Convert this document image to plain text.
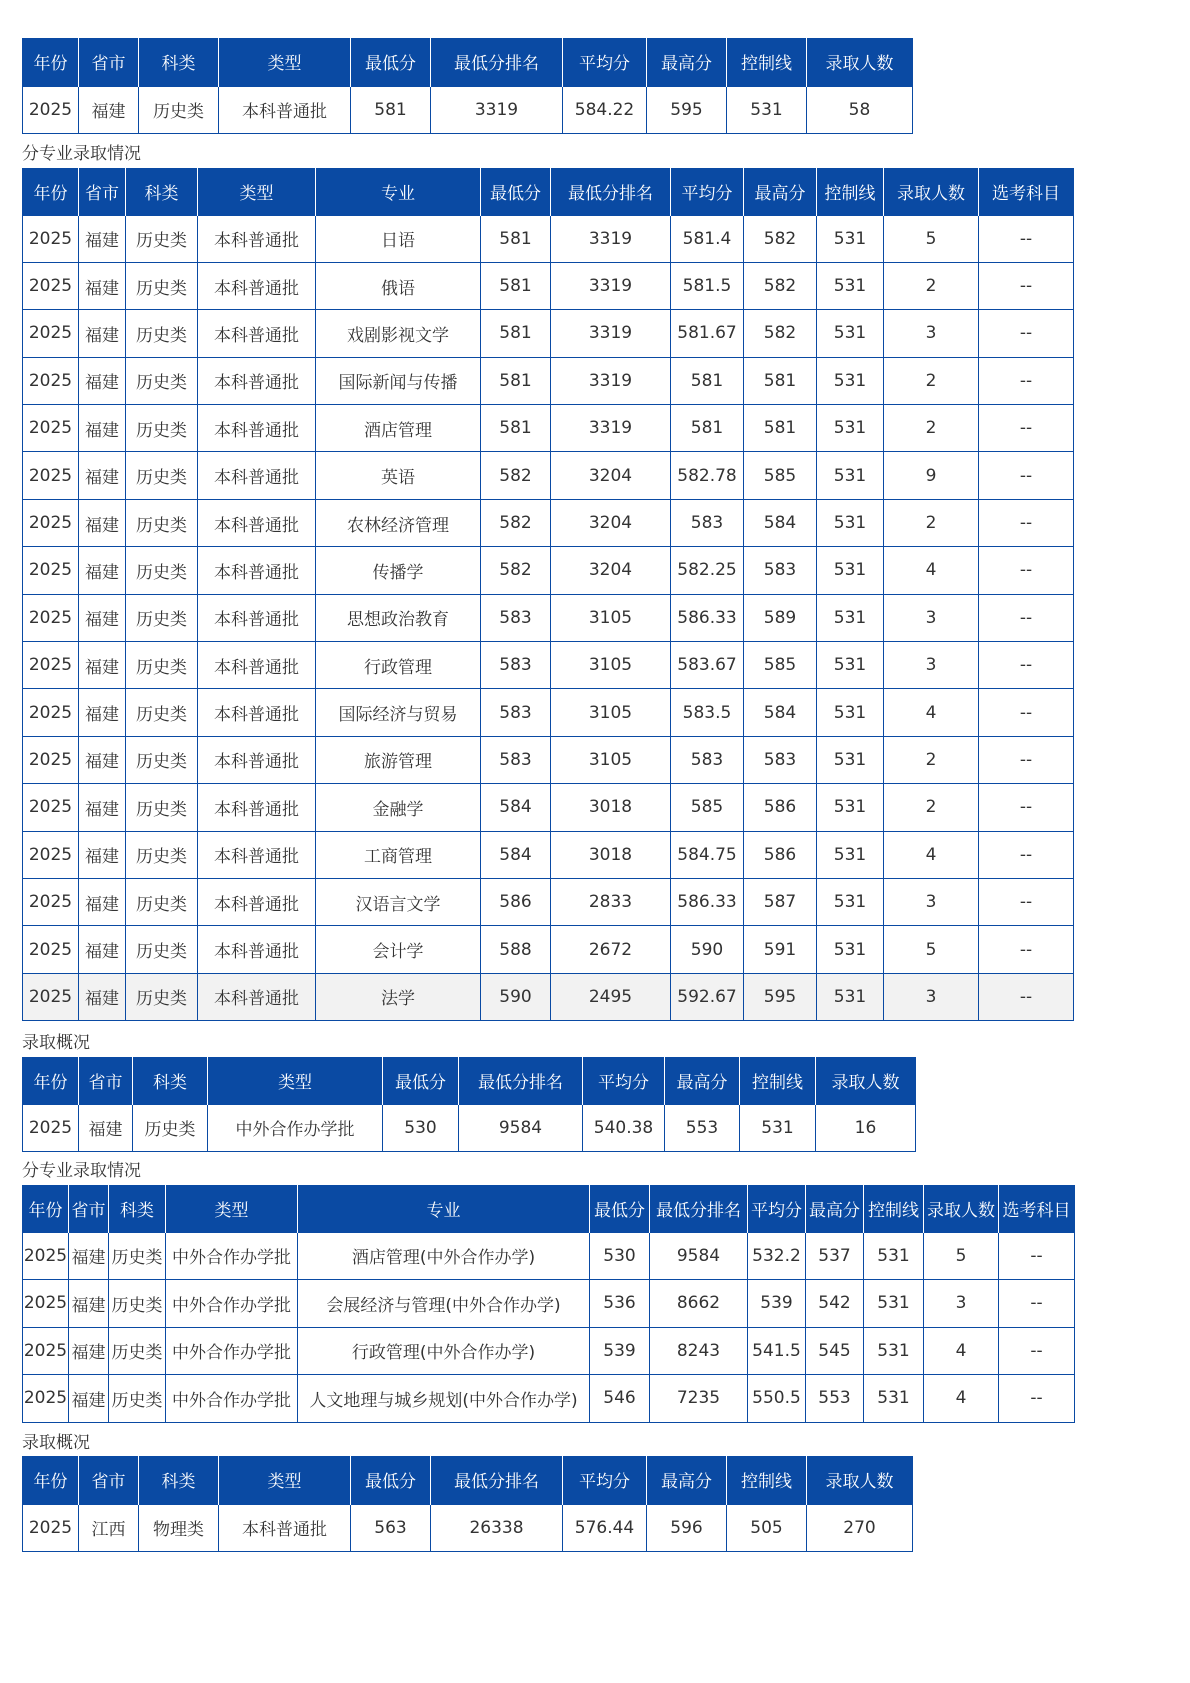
年份	省市	科类	类型	最低分	最低分排名	平均分	最高分	控制线	录取人数
2025	福建	历史类	本科普通批	581	3319	584.22	595	531	58
分专业录取情况
年份	省市	科类	类型	专业	最低分	最低分排名	平均分	最高分	控制线	录取人数	选考科目
2025	福建	历史类	本科普通批	日语	581	3319	581.4	582	531	5	--
2025	福建	历史类	本科普通批	俄语	581	3319	581.5	582	531	2	--
2025	福建	历史类	本科普通批	戏剧影视文学	581	3319	581.67	582	531	3	--
2025	福建	历史类	本科普通批	国际新闻与传播	581	3319	581	581	531	2	--
2025	福建	历史类	本科普通批	酒店管理	581	3319	581	581	531	2	--
2025	福建	历史类	本科普通批	英语	582	3204	582.78	585	531	9	--
2025	福建	历史类	本科普通批	农林经济管理	582	3204	583	584	531	2	--
2025	福建	历史类	本科普通批	传播学	582	3204	582.25	583	531	4	--
2025	福建	历史类	本科普通批	思想政治教育	583	3105	586.33	589	531	3	--
2025	福建	历史类	本科普通批	行政管理	583	3105	583.67	585	531	3	--
2025	福建	历史类	本科普通批	国际经济与贸易	583	3105	583.5	584	531	4	--
2025	福建	历史类	本科普通批	旅游管理	583	3105	583	583	531	2	--
2025	福建	历史类	本科普通批	金融学	584	3018	585	586	531	2	--
2025	福建	历史类	本科普通批	工商管理	584	3018	584.75	586	531	4	--
2025	福建	历史类	本科普通批	汉语言文学	586	2833	586.33	587	531	3	--
2025	福建	历史类	本科普通批	会计学	588	2672	590	591	531	5	--
2025	福建	历史类	本科普通批	法学	590	2495	592.67	595	531	3	--
录取概况
年份	省市	科类	类型	最低分	最低分排名	平均分	最高分	控制线	录取人数
2025	福建	历史类	中外合作办学批	530	9584	540.38	553	531	16
分专业录取情况
年份	省市	科类	类型	专业	最低分	最低分排名	平均分	最高分	控制线	录取人数	选考科目
2025	福建	历史类	中外合作办学批	酒店管理(中外合作办学)	530	9584	532.2	537	531	5	--
2025	福建	历史类	中外合作办学批	会展经济与管理(中外合作办学)	536	8662	539	542	531	3	--
2025	福建	历史类	中外合作办学批	行政管理(中外合作办学)	539	8243	541.5	545	531	4	--
2025	福建	历史类	中外合作办学批	人文地理与城乡规划(中外合作办学)	546	7235	550.5	553	531	4	--
录取概况
年份	省市	科类	类型	最低分	最低分排名	平均分	最高分	控制线	录取人数
2025	江西	物理类	本科普通批	563	26338	576.44	596	505	270
